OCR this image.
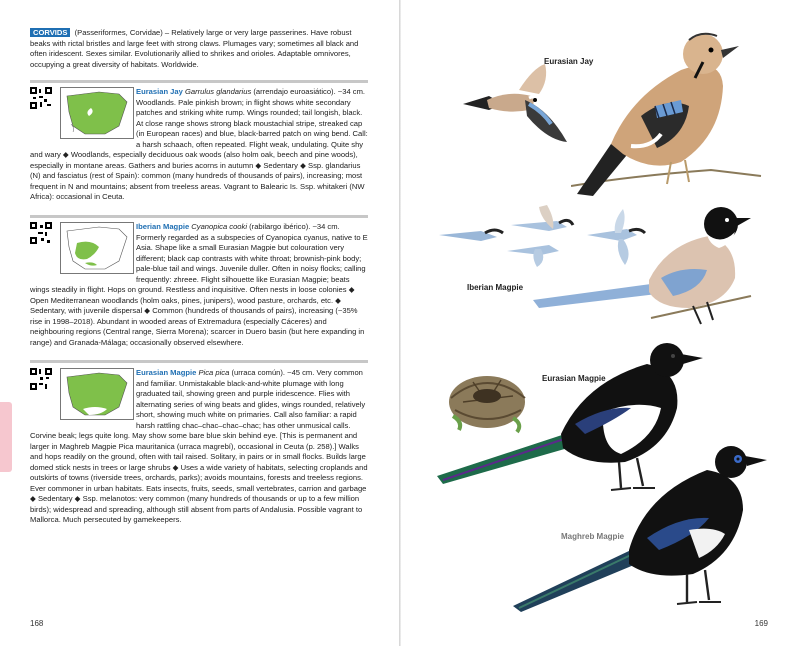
CORVIDS (Passeriformes, Corvidae) – Relatively large or very large passerines. Have robust beaks with rictal bristles and large feet with strong claws. Plumages vary; sometimes all black and often iridescent. Sexes similar. Evolutionarily allied to shrikes and orioles. Adaptable omnivores, occupying a great diversity of habitats. Worldwide.
Eurasian Jay Garrulus glandarius (arrendajo euroasiático). ~34 cm. Woodlands. Pale pinkish brown; in flight shows white secondary patches and striking white rump. Wings rounded; tail longish, black. At close range shows strong black moustachial stripe, streaked cap (in European races) and blue, black-barred patch on wing bend. Call: a harsh schaach, often repeated. Flight weak, undulating. Quite shy and wary ◆ Woodlands, especially deciduous oak woods (also holm oak, beech and pine woods), especially in montane areas. Gathers and buries acorns in autumn ◆ Sedentary ◆ Ssp. glandarius (N) and fasciatus (rest of Spain): common (many hundreds of thousands of pairs), increasing; most frequent in N and mountains; absent from treeless areas. Vagrant to Balearic Is. Ssp. whitakeri (NW Africa): occasional in Ceuta.
Iberian Magpie Cyanopica cooki (rabilargo ibérico). ~34 cm. Formerly regarded as a subspecies of Cyanopica cyanus, native to E Asia. Shape like a small Eurasian Magpie but colouration very different; black cap contrasts with white throat; brownish-pink body; pale-blue tail and wings. Juvenile duller. Often in noisy flocks; calling frequently: zhreee. Flight silhouette like Eurasian Magpie; beats wings steadily in flight. Hops on ground. Restless and inquisitive. Often nests in loose colonies ◆ Open Mediterranean woodlands (holm oaks, pines, junipers), wood pasture, orchards, etc. ◆ Sedentary, with juvenile dispersal ◆ Common (hundreds of thousands of pairs), increasing (~35% rise in 1998–2018). Abundant in wooded areas of Extremadura (especially Cáceres) and neighbouring regions (Central range, Sierra Morena); scarcer in Duero basin (but here expanding in range) and Granada-Málaga; occasionally observed elsewhere.
Eurasian Magpie Pica pica (urraca común). ~45 cm. Very common and familiar. Unmistakable black-and-white plumage with long graduated tail, showing green and purple iridescence. Flies with alternating series of wing beats and glides, wings rounded, relatively short, showing much white on primaries. Call also familiar: a rapid harsh rattling chac–chac–chac–chac; has other unmusical calls. Corvine beak; legs quite long. May show some bare blue skin behind eye. [This is permanent and larger in Maghreb Magpie Pica mauritanica (urraca magrebí), occasional in Ceuta (p. 258).] Walks and hops readily on the ground, often with tail raised. Solitary, in pairs or in small flocks. Builds large domed stick nests in trees or large shrubs ◆ Uses a wide variety of habitats, selecting croplands and outskirts of towns (riverside trees, orchards, parks); avoids mountains, forests and treeless regions. Ever commoner in urban habitats. Eats insects, fruits, seeds, small vertebrates, carrion and garbage ◆ Sedentary ◆ Ssp. melanotos: very common (many hundreds of thousands or up to a few million birds); widespread and spreading, although still absent from parts of Andalusia. Possible vagrant to Mallorca. Much persecuted by gamekeepers.
168
Eurasian Jay
Iberian Magpie
Eurasian Magpie
Maghreb Magpie
169
